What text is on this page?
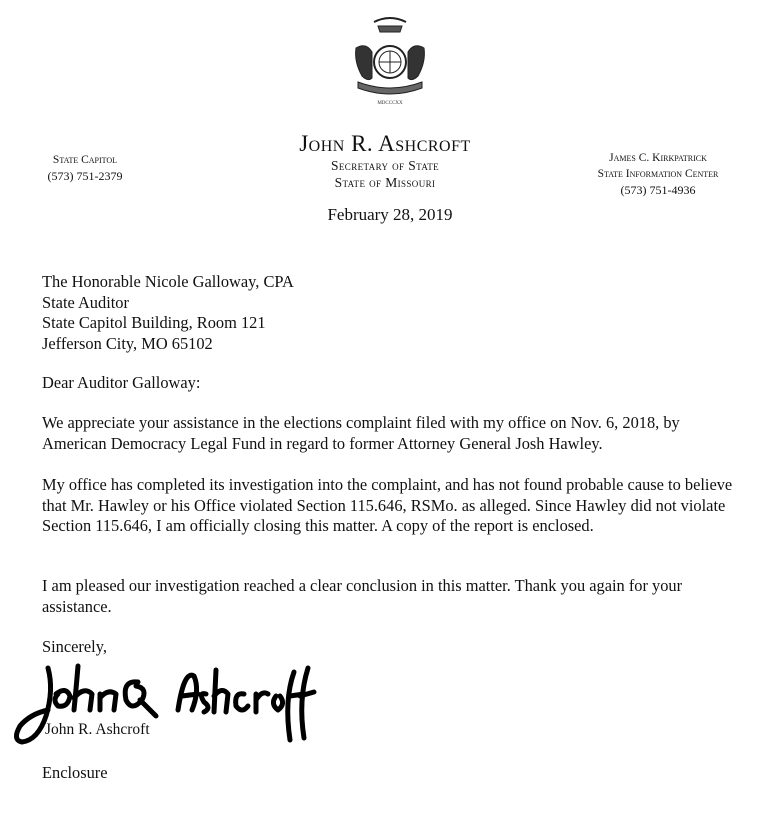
MDCCCXX
State Capitol
(573) 751-2379
John R. Ashcroft
Secretary of State
State of Missouri
James C. Kirkpatrick
State Information Center
(573) 751-4936
February 28, 2019
The Honorable Nicole Galloway, CPA
State Auditor
State Capitol Building, Room 121
Jefferson City, MO 65102
Dear Auditor Galloway:

We appreciate your assistance in the elections complaint filed with my office on Nov. 6, 2018, by American Democracy Legal Fund in regard to former Attorney General Josh Hawley.

My office has completed its investigation into the complaint, and has not found probable cause to believe that Mr. Hawley or his Office violated Section 115.646, RSMo. as alleged. Since Hawley did not violate Section 115.646, I am officially closing this matter. A copy of the report is enclosed.

I am pleased our investigation reached a clear conclusion in this matter. Thank you again for your assistance.

Sincerely,
John R. Ashcroft
Enclosure
